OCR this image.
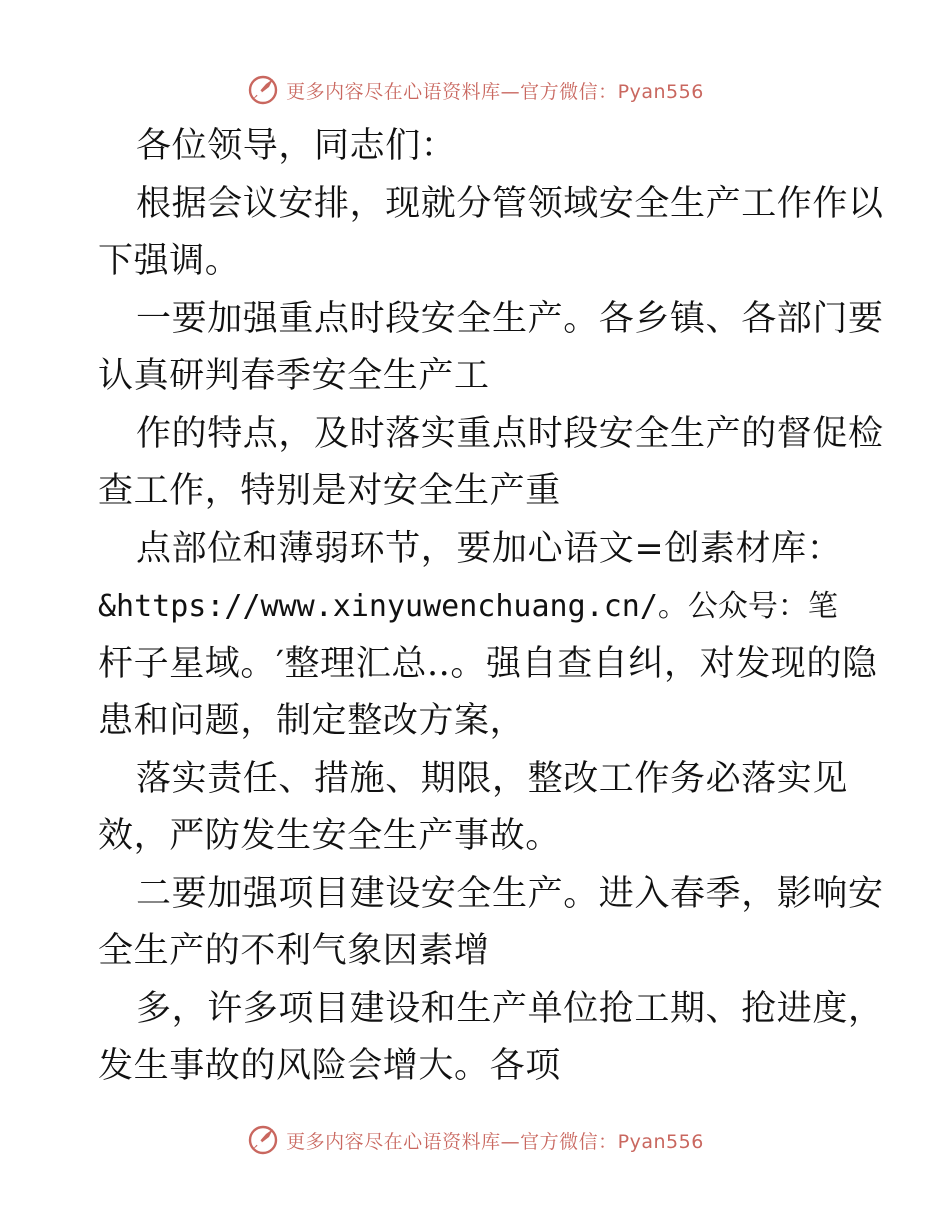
更多内容尽在心语资料库—官方微信：Pyan556
各位领导，同志们：
根据会议安排，现就分管领域安全生产工作作以
下强调。
一要加强重点时段安全生产。各乡镇、各部门要
认真研判春季安全生产工
作的特点，及时落实重点时段安全生产的督促检
查工作，特别是对安全生产重
点部位和薄弱环节，要加心语文=创素材库：
&https://www.xinyuwenchuang.cn/。公众号：笔
杆子星域。′整理汇总..。强自查自纠，对发现的隐
患和问题，制定整改方案，
落实责任、措施、期限，整改工作务必落实见
效，严防发生安全生产事故。
二要加强项目建设安全生产。进入春季，影响安
全生产的不利气象因素增
多，许多项目建设和生产单位抢工期、抢进度，
发生事故的风险会增大。各项
更多内容尽在心语资料库—官方微信：Pyan556
